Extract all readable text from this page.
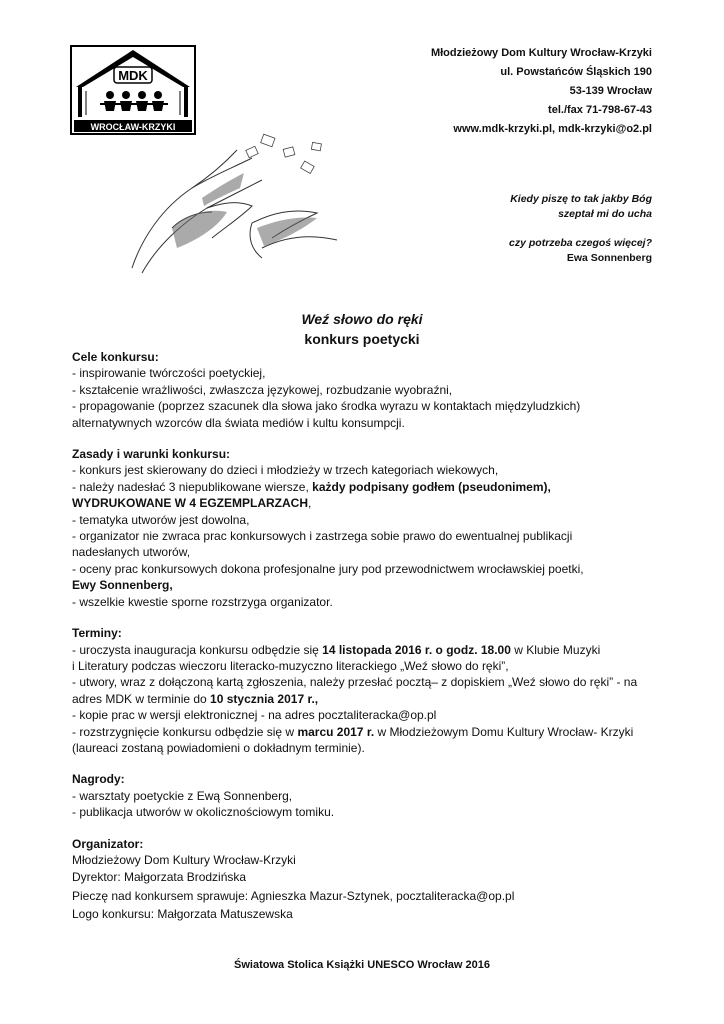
MDK
WROCŁAW-KRZYKI
Młodzieżowy Dom Kultury Wrocław-Krzyki
ul. Powstańców Śląskich 190
53-139 Wrocław
tel./fax 71-798-67-43
www.mdk-krzyki.pl, mdk-krzyki@o2.pl
Kiedy piszę to tak jakby Bóg
szeptał mi do ucha
czy potrzeba czegoś więcej?
Ewa Sonnenberg
Weź słowo do ręki
konkurs poetycki

Cele konkursu:

- inspirowanie twórczości poetyckiej,

- kształcenie wrażliwości, zwłaszcza językowej, rozbudzanie wyobraźni,

- propagowanie (poprzez szacunek dla słowa jako środka wyrazu w kontaktach międzyludzkich)

alternatywnych wzorców dla świata mediów i kultu konsumpcji.

Zasady i warunki konkursu:

- konkurs jest skierowany do dzieci i młodzieży w trzech kategoriach wiekowych,

- należy nadesłać 3 niepublikowane wiersze, każdy podpisany godłem (pseudonimem),

WYDRUKOWANE W 4 EGZEMPLARZACH,

- tematyka utworów jest dowolna,

- organizator nie zwraca prac konkursowych i zastrzega sobie prawo do ewentualnej publikacji

nadesłanych utworów,

- oceny prac konkursowych dokona profesjonalne jury pod przewodnictwem wrocławskiej poetki,

Ewy Sonnenberg,

- wszelkie kwestie sporne rozstrzyga organizator.

Terminy:

- uroczysta inauguracja konkursu odbędzie się 14 listopada 2016 r. o godz. 18.00 w Klubie Muzyki

i Literatury podczas wieczoru literacko-muzyczno literackiego „Weź słowo do ręki”,

- utwory, wraz z dołączoną kartą zgłoszenia, należy przesłać pocztą– z dopiskiem „Weź słowo do ręki” - na

adres MDK w terminie do 10 stycznia 2017 r.,

- kopie prac w wersji elektronicznej - na adres pocztaliteracka@op.pl

- rozstrzygnięcie konkursu odbędzie się w marcu 2017 r. w Młodzieżowym Domu Kultury Wrocław- Krzyki

(laureaci zostaną powiadomieni o dokładnym terminie).

Nagrody:

- warsztaty poetyckie z Ewą Sonnenberg,

- publikacja utworów w okolicznościowym tomiku.

Organizator:

Młodzieżowy Dom Kultury Wrocław-Krzyki

Dyrektor: Małgorzata Brodzińska

Pieczę nad konkursem sprawuje: Agnieszka Mazur-Sztynek, pocztaliteracka@op.pl

Logo konkursu: Małgorzata Matuszewska

Światowa Stolica Książki UNESCO Wrocław 2016
